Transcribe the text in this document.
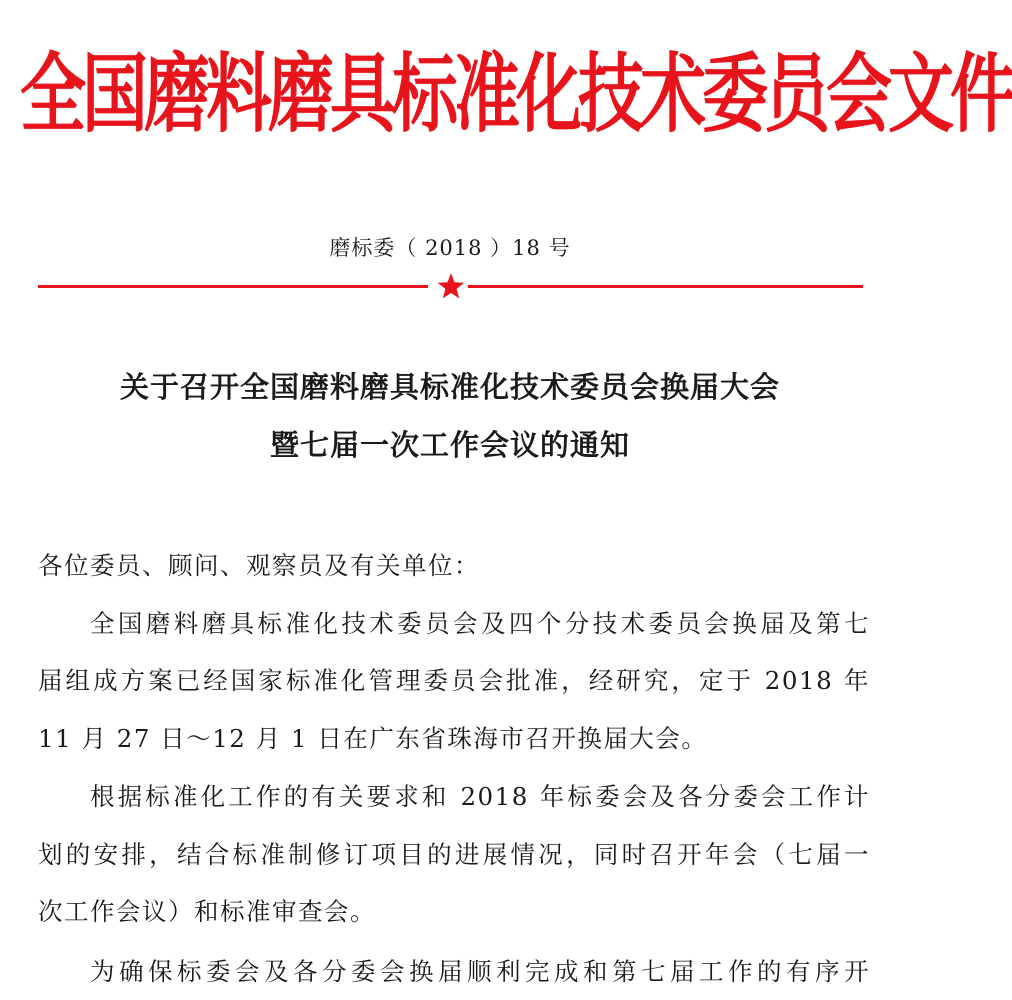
全国磨料磨具标准化技术委员会文件
磨标委（ 2018 ）18 号
关于召开全国磨料磨具标准化技术委员会换届大会
暨七届一次工作会议的通知
各位委员、顾问、观察员及有关单位：
全国磨料磨具标准化技术委员会及四个分技术委员会换届及第七
届组成方案已经国家标准化管理委员会批准，经研究，定于 2018 年
11 月 27 日～12 月 1 日在广东省珠海市召开换届大会。
根据标准化工作的有关要求和 2018 年标委会及各分委会工作计
划的安排，结合标准制修订项目的进展情况，同时召开年会（七届一
次工作会议）和标准审查会。
为确保标委会及各分委会换届顺利完成和第七届工作的有序开
